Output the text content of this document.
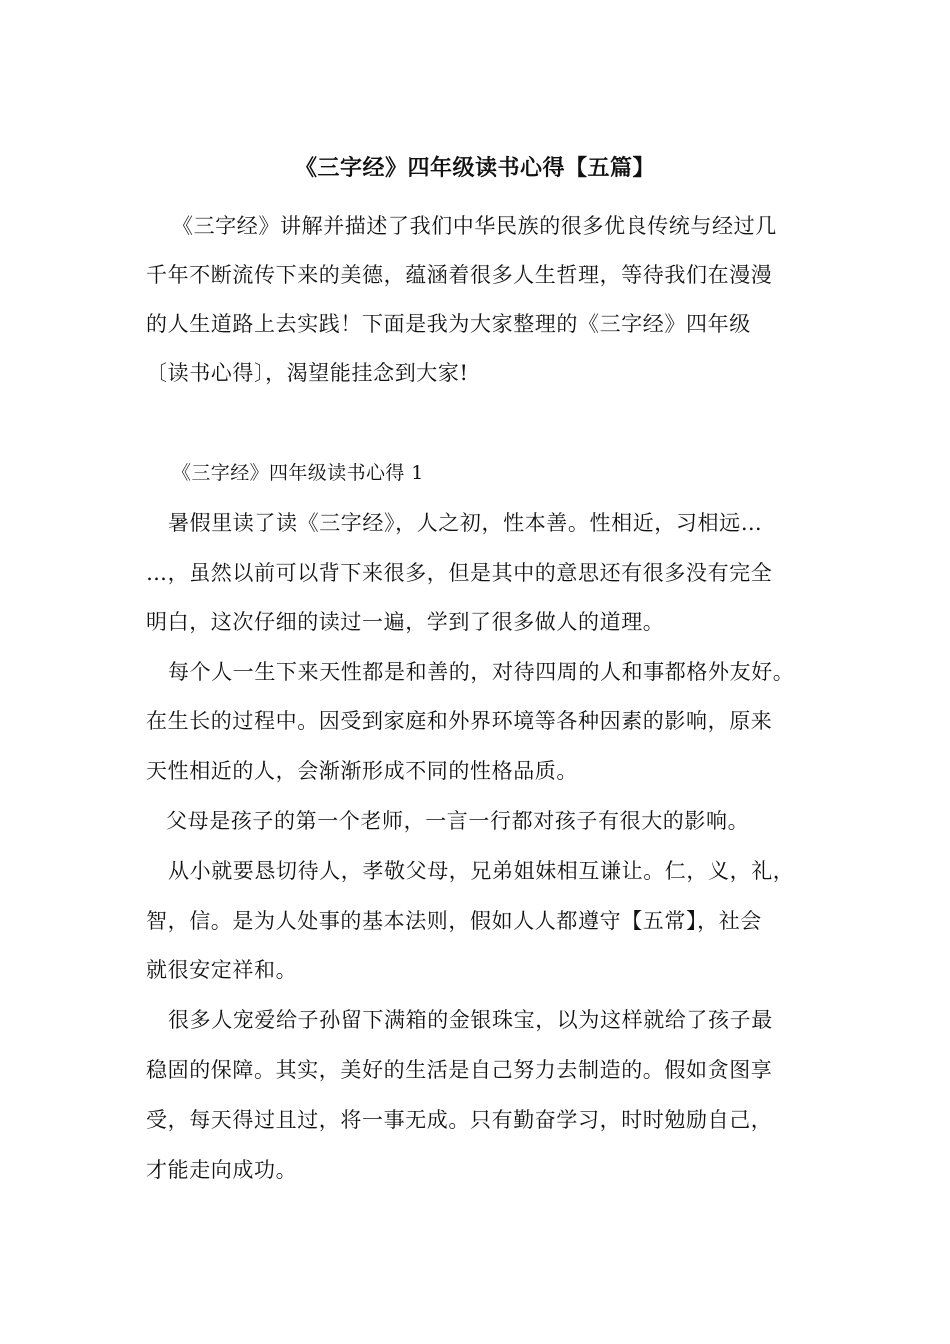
《三字经》四年级读书心得【五篇】
《三字经》讲解并描述了我们中华民族的很多优良传统与经过几
千年不断流传下来的美德，蕴涵着很多人生哲理，等待我们在漫漫
的人生道路上去实践！下面是我为大家整理的《三字经》四年级
〔读书心得〕，渴望能挂念到大家!
《三字经》四年级读书心得 1
暑假里读了读《三字经》，人之初，性本善。性相近，习相远…
…，虽然以前可以背下来很多，但是其中的意思还有很多没有完全
明白，这次仔细的读过一遍，学到了很多做人的道理。
每个人一生下来天性都是和善的，对待四周的人和事都格外友好。
在生长的过程中。因受到家庭和外界环境等各种因素的影响，原来
天性相近的人，会渐渐形成不同的性格品质。
父母是孩子的第一个老师，一言一行都对孩子有很大的影响。
从小就要恳切待人，孝敬父母，兄弟姐妹相互谦让。仁，义，礼，
智，信。是为人处事的基本法则，假如人人都遵守【五常】，社会
就很安定祥和。
很多人宠爱给子孙留下满箱的金银珠宝，以为这样就给了孩子最
稳固的保障。其实，美好的生活是自己努力去制造的。假如贪图享
受，每天得过且过，将一事无成。只有勤奋学习，时时勉励自己，
才能走向成功。
